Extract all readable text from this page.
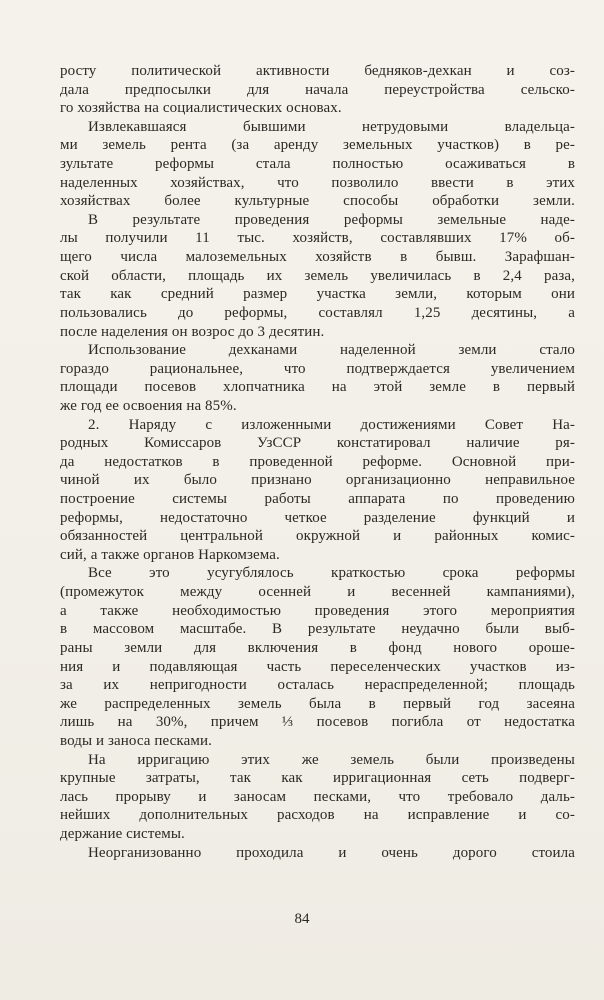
росту политической активности бедняков-дехкан и соз-
дала предпосылки для начала переустройства сельско-
го хозяйства на социалистических основах.
Извлекавшаяся бывшими нетрудовыми владельца-
ми земель рента (за аренду земельных участков) в ре-
зультате реформы стала полностью осаживаться в
наделенных хозяйствах, что позволило ввести в этих
хозяйствах более культурные способы обработки земли.
В результате проведения реформы земельные наде-
лы получили 11 тыс. хозяйств, составлявших 17% об-
щего числа малоземельных хозяйств в бывш. Зарафшан-
ской области, площадь их земель увеличилась в 2,4 раза,
так как средний размер участка земли, которым они
пользовались до реформы, составлял 1,25 десятины, а
после наделения он возрос до 3 десятин.
Использование дехканами наделенной земли стало
гораздо рациональнее, что подтверждается увеличением
площади посевов хлопчатника на этой земле в первый
же год ее освоения на 85%.
2. Наряду с изложенными достижениями Совет На-
родных Комиссаров УзССР констатировал наличие ря-
да недостатков в проведенной реформе. Основной при-
чиной их было признано организационно неправильное
построение системы работы аппарата по проведению
реформы, недостаточно четкое разделение функций и
обязанностей центральной окружной и районных комис-
сий, а также органов Наркомзема.
Все это усугублялось краткостью срока реформы
(промежуток между осенней и весенней кампаниями),
а также необходимостью проведения этого мероприятия
в массовом масштабе. В результате неудачно были выб-
раны земли для включения в фонд нового ороше-
ния и подавляющая часть переселенческих участков из-
за их непригодности осталась нераспределенной; площадь
же распределенных земель была в первый год засеяна
лишь на 30%, причем ⅓ посевов погибла от недостатка
воды и заноса песками.
На ирригацию этих же земель были произведены
крупные затраты, так как ирригационная сеть подверг-
лась прорыву и заносам песками, что требовало даль-
нейших дополнительных расходов на исправление и со-
держание системы.
Неорганизованно проходила и очень дорого стоила
84
